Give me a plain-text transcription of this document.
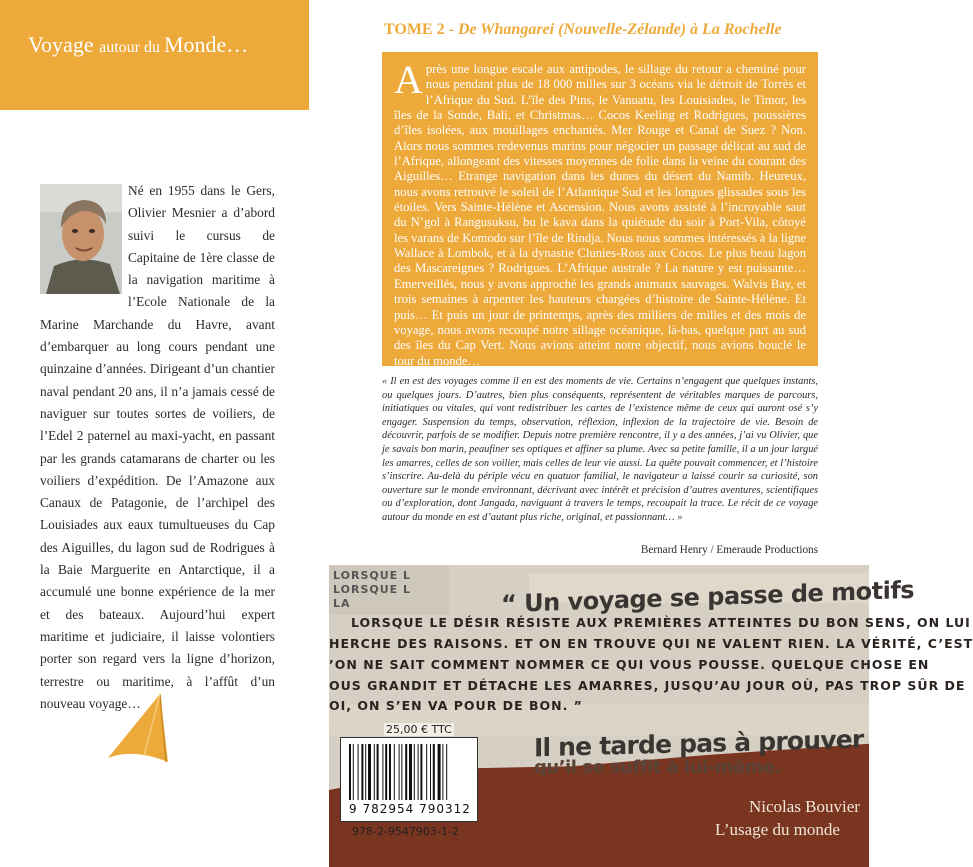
Voyage autour du Monde…
Né en 1955 dans le Gers, Olivier Mesnier a d’abord suivi le cursus de Capitaine de 1ère classe de la navigation maritime à l’Ecole Nationale de la Marine Marchande du Havre, avant d’embarquer au long cours pendant une quinzaine d’années. Dirigeant d’un chantier naval pendant 20 ans, il n’a jamais cessé de naviguer sur toutes sortes de voiliers, de l’Edel 2 paternel au maxi-yacht, en passant par les grands catamarans de charter ou les voiliers d’expédition. De l’Amazone aux Canaux de Patagonie, de l’archipel des Louisiades aux eaux tumultueuses du Cap des Aiguilles, du lagon sud de Rodrigues à la Baie Marguerite en Antarctique, il a accumulé une bonne expérience de la mer et des bateaux. Aujourd’hui expert maritime et judiciaire, il laisse volontiers porter son regard vers la ligne d’horizon, terrestre ou maritime, à l’affût d’un nouveau voyage…
TOME 2 - De Whangarei (Nouvelle-Zélande) à La Rochelle
Après une longue escale aux antipodes, le sillage du retour a cheminé pour nous pendant plus de 18 000 milles sur 3 océans via le détroit de Torrès et l’Afrique du Sud. L’île des Pins, le Vanuatu, les Louisiades, le Timor, les îles de la Sonde, Bali, et Christmas… Cocos Keeling et Rodrigues, poussières d’îles isolées, aux mouillages enchantés. Mer Rouge et Canal de Suez ? Non. Alors nous sommes redevenus marins pour négocier un passage délicat au sud de l’Afrique, allongeant des vitesses moyennes de folie dans la veine du courant des Aiguilles… Etrange navigation dans les dunes du désert du Namib. Heureux, nous avons retrouvé le soleil de l’Atlantique Sud et les longues glissades sous les étoiles. Vers Sainte-Hélène et Ascension. Nous avons assisté à l’incroyable saut du N’gol à Rangusuksu, bu le kava dans la quiétude du soir à Port-Vila, côtoyé les varans de Komodo sur l’île de Rindja. Nous nous sommes intéressés à la ligne Wallace à Lombok, et à la dynastie Clunies-Ross aux Cocos. Le plus beau lagon des Mascareignes ? Rodrigues. L’Afrique australe ? La nature y est puissante… Emerveillés, nous y avons approché les grands animaux sauvages. Walvis Bay, et trois semaines à arpenter les hauteurs chargées d’histoire de Sainte-Hélène. Et puis… Et puis un jour de printemps, après des milliers de milles et des mois de voyage, nous avons recoupé notre sillage océanique, là-bas, quelque part au sud des îles du Cap Vert. Nous avions atteint notre objectif, nous avions bouclé le tour du monde…
« Il en est des voyages comme il en est des moments de vie. Certains n’engagent que quelques instants, ou quelques jours. D’autres, bien plus conséquents, représentent de véritables marques de parcours, initiatiques ou vitales, qui vont redistribuer les cartes de l’existence même de ceux qui auront osé s’y engager. Suspension du temps, observation, réflexion, inflexion de la trajectoire de vie. Besoin de découvrir, parfois de se modifier. Depuis notre première rencontre, il y a des années, j’ai vu Olivier, que je savais bon marin, peaufiner ses optiques et affiner sa plume. Avec sa petite famille, il a un jour largué les amarres, celles de son voilier, mais celles de leur vie aussi. La quête pouvait commencer, et l’histoire s’inscrire. Au-delà du périple vécu en quatuor familial, le navigateur a laissé courir sa curiosité, son ouverture sur le monde environnant, décrivant avec intérêt et précision d’autres aventures, scientifiques ou d’exploration, dont Jangada, naviguant à travers le temps, recoupait la trace. Le récit de ce voyage autour du monde en est d’autant plus riche, original, et passionnant… »
Bernard Henry / Emeraude Productions
LORSQUE L
LORSQUE L
LA	“ Un voyage se passe de motifs
LORSQUE LE DÉSIR RÉSISTE AUX PREMIÈRES ATTEINTES DU BON SENS, ON LUI
HERCHE DES RAISONS. ET ON EN TROUVE QUI NE VALENT RIEN. LA VÉRITÉ, C’EST
’ON NE SAIT COMMENT NOMMER CE QUI VOUS POUSSE. QUELQUE CHOSE EN
OUS GRANDIT ET DÉTACHE LES AMARRES, JUSQU’AU JOUR OÙ, PAS TROP SÛR DE
OI, ON S’EN VA POUR DE BON. ”
Il ne tarde pas à prouver
qu’il se suffit à lui-même.
Nicolas Bouvier
L’usage du monde
25,00 € TTC
9 782954 790312
978-2-9547903-1-2
